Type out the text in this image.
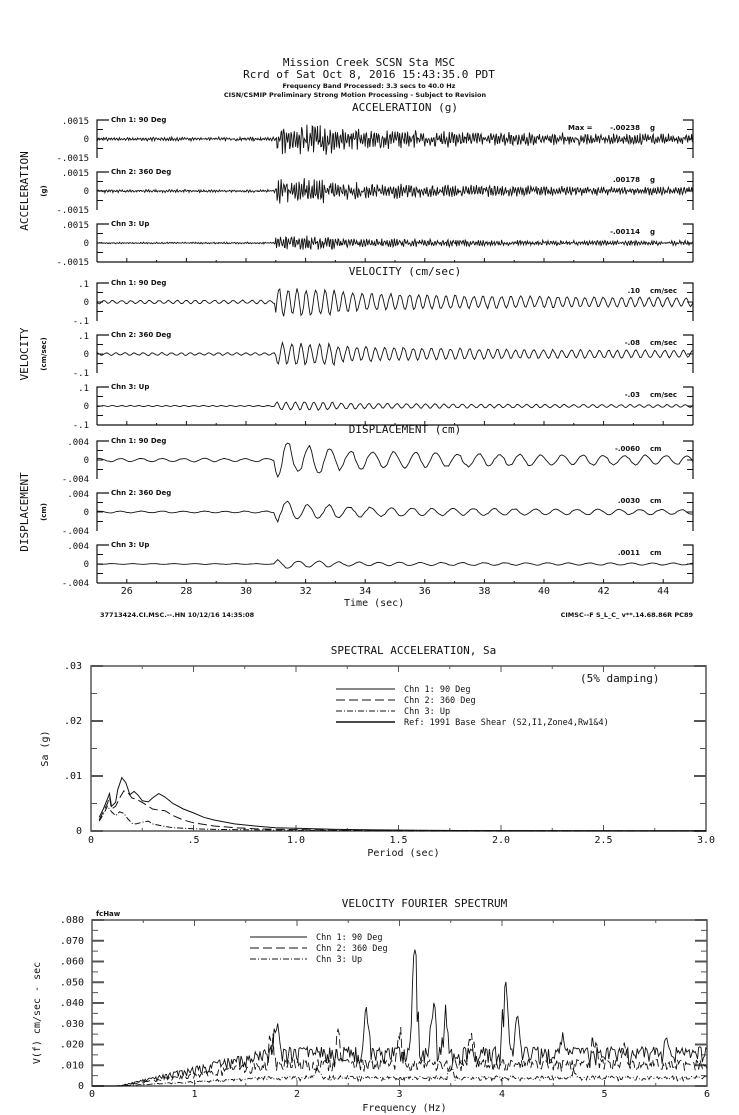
Mission Creek SCSN Sta MSC
Rcrd of Sat Oct 8, 2016 15:43:35.0 PDT
Frequency Band Processed: 3.3 secs to 40.0 Hz
CISN/CSMIP Preliminary Strong Motion Processing - Subject to Revision
ACCELERATION (g)
ACCELERATION (g)
Chn 1: 90 Deg
.0015
0
-.0015
Max =	-.00238 g
Chn 2: 360 Deg
.0015
0
-.0015
.00178 g
Chn 3: Up
.0015
0
-.0015
-.00114 g
VELOCITY (cm/sec)
VELOCITY (cm/sec)
Chn 1: 90 Deg
.1
0
-.1
.10 cm/sec
Chn 2: 360 Deg
.1
0
-.1
-.08 cm/sec
Chn 3: Up
.1
0
-.1
-.03 cm/sec
DISPLACEMENT (cm)
DISPLACEMENT (cm)
Chn 1: 90 Deg
.004
0
-.004
-.0060 cm
Chn 2: 360 Deg
.004
0
-.004
.0030 cm
Chn 3: Up
.004
0
-.004
.0011 cm
26	28	30	32	34	36	38	40	42	44
Time (sec)
37713424.CI.MSC.--.HN 10/12/16 14:35:08	CIMSC--F S_L_C_ v**.14.68.86R PC89
SPECTRAL ACCELERATION, Sa
0	.5	1.0	1.5	2.0	2.5	3.0
0
.01
.02
.03
Period (sec)
Sa (g)
(5% damping)
Chn 1: 90 Deg
Chn 2: 360 Deg
Chn 3: Up
Ref: 1991 Base Shear (S2,I1,Zone4,Rw1&4)
VELOCITY FOURIER SPECTRUM
fcHaw
0	1	2	3	4	5	6
0
.010
.020
.030
.040
.050
.060
.070
.080
Frequency (Hz)
V(f) cm/sec - sec
Chn 1: 90 Deg
Chn 2: 360 Deg
Chn 3: Up
